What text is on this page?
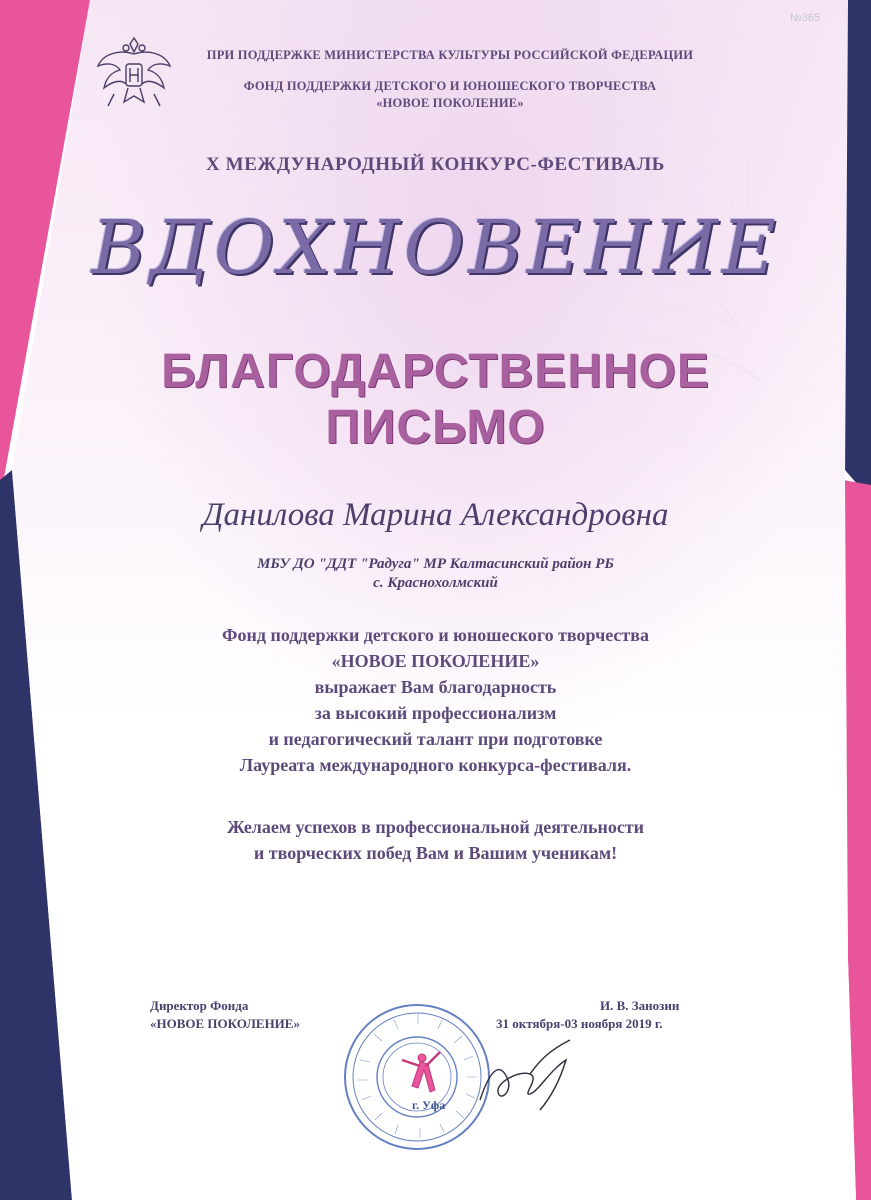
ПРИ ПОДДЕРЖКЕ МИНИСТЕРСТВА КУЛЬТУРЫ РОССИЙСКОЙ ФЕДЕРАЦИИ
ФОНД ПОДДЕРЖКИ ДЕТСКОГО И ЮНОШЕСКОГО ТВОРЧЕСТВА
«НОВОЕ ПОКОЛЕНИЕ»
№365
Х МЕЖДУНАРОДНЫЙ КОНКУРС-ФЕСТИВАЛЬ
ВДОХНОВЕНИЕ
БЛАГОДАРСТВЕННОЕ
ПИСЬМО
Данилова Марина Александровна
МБУ ДО "ДДТ "Радуга" МР Калтасинский район РБ
с. Краснохолмский
Фонд поддержки детского и юношеского творчества
«НОВОЕ ПОКОЛЕНИЕ»
выражает Вам благодарность
за высокий профессионализм
и педагогический талант при подготовке
Лауреата международного конкурса-фестиваля.
Желаем успехов в профессиональной деятельности
и творческих побед Вам и Вашим ученикам!
Директор Фонда
«НОВОЕ ПОКОЛЕНИЕ»
И. В. Занозин
31 октября-03 ноября 2019 г.
г. Уфа
